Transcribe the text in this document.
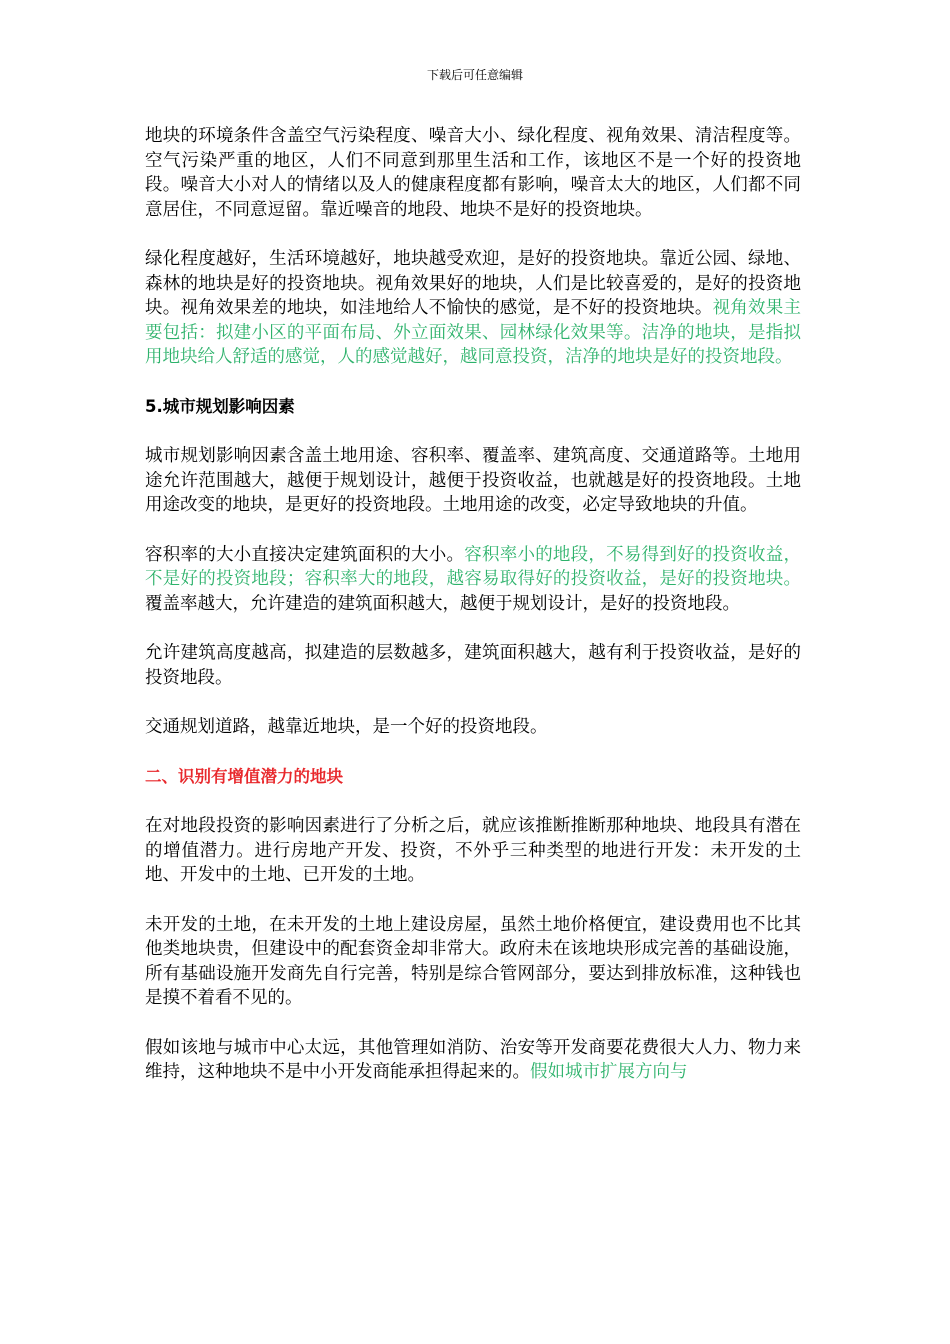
下载后可任意编辑

地块的环境条件含盖空气污染程度、噪音大小、绿化程度、视角效果、清洁程度等。空气污染严重的地区，人们不同意到那里生活和工作，该地区不是一个好的投资地段。噪音大小对人的情绪以及人的健康程度都有影响，噪音太大的地区，人们都不同意居住，不同意逗留。靠近噪音的地段、地块不是好的投资地块。

绿化程度越好，生活环境越好，地块越受欢迎，是好的投资地块。靠近公园、绿地、森林的地块是好的投资地块。视角效果好的地块，人们是比较喜爱的，是好的投资地块。视角效果差的地块，如洼地给人不愉快的感觉，是不好的投资地块。视角效果主要包括：拟建小区的平面布局、外立面效果、园林绿化效果等。洁净的地块，是指拟用地块给人舒适的感觉，人的感觉越好，越同意投资，洁净的地块是好的投资地段。

5.城市规划影响因素

城市规划影响因素含盖土地用途、容积率、覆盖率、建筑高度、交通道路等。土地用途允许范围越大，越便于规划设计，越便于投资收益，也就越是好的投资地段。土地用途改变的地块，是更好的投资地段。土地用途的改变，必定导致地块的升值。

容积率的大小直接决定建筑面积的大小。容积率小的地段，不易得到好的投资收益，不是好的投资地段；容积率大的地段，越容易取得好的投资收益，是好的投资地块。覆盖率越大，允许建造的建筑面积越大，越便于规划设计，是好的投资地段。

允许建筑高度越高，拟建造的层数越多，建筑面积越大，越有利于投资收益，是好的投资地段。

交通规划道路，越靠近地块，是一个好的投资地段。

二、识别有增值潜力的地块

在对地段投资的影响因素进行了分析之后，就应该推断推断那种地块、地段具有潜在的增值潜力。进行房地产开发、投资，不外乎三种类型的地进行开发：未开发的土地、开发中的土地、已开发的土地。

未开发的土地，在未开发的土地上建设房屋，虽然土地价格便宜，建设费用也不比其他类地块贵，但建设中的配套资金却非常大。政府未在该地块形成完善的基础设施，所有基础设施开发商先自行完善，特别是综合管网部分，要达到排放标准，这种钱也是摸不着看不见的。

假如该地与城市中心太远，其他管理如消防、治安等开发商要花费很大人力、物力来维持，这种地块不是中小开发商能承担得起来的。假如城市扩展方向与
